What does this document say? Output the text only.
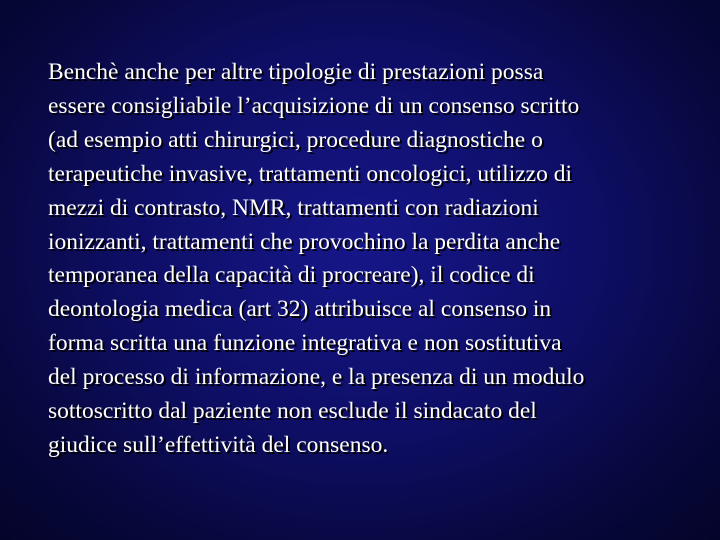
Benchè anche per altre tipologie di prestazioni possa
essere consigliabile l’acquisizione di un consenso scritto
(ad esempio atti chirurgici, procedure diagnostiche o
terapeutiche invasive, trattamenti oncologici, utilizzo di
mezzi di contrasto, NMR, trattamenti con radiazioni
ionizzanti, trattamenti che provochino la perdita anche
temporanea della capacità di procreare), il codice di
deontologia medica (art 32) attribuisce al consenso in
forma scritta una funzione integrativa e non sostitutiva
del processo di informazione, e la presenza di un modulo
sottoscritto dal paziente non esclude il sindacato del
giudice sull’effettività del consenso.
